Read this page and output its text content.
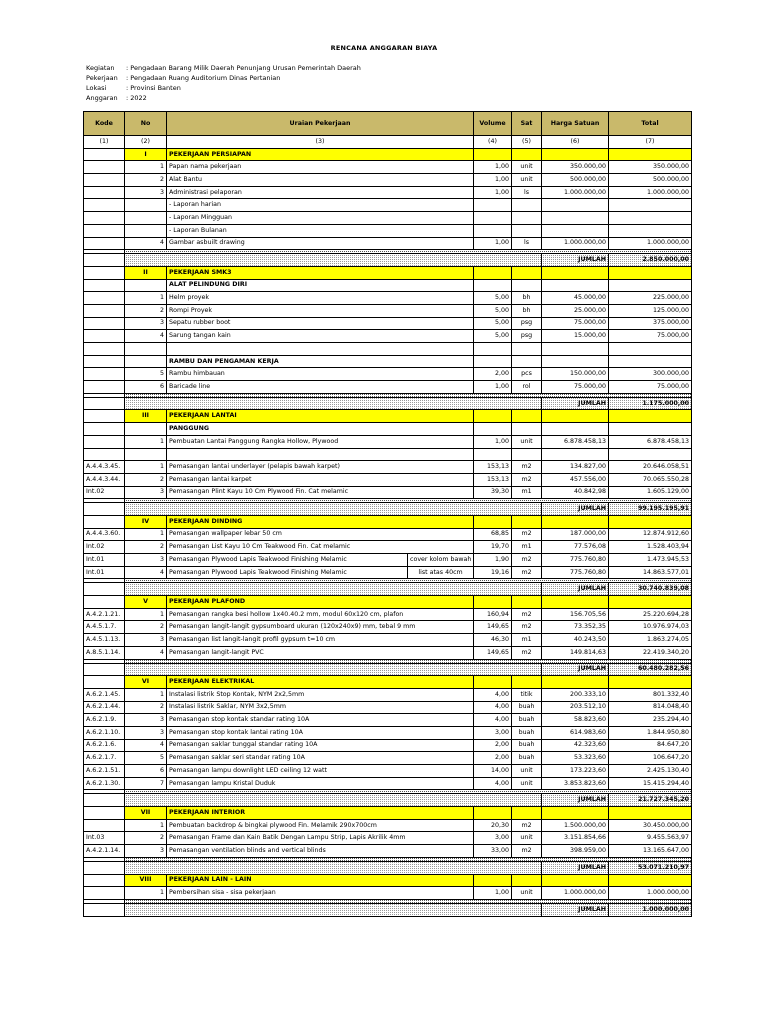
RENCANA ANGGARAN BIAYA
Kegiatan	: Pengadaan Barang Milik Daerah Penunjang Urusan Pemerintah Daerah
Pekerjaan	: Pengadaan Ruang Auditorium Dinas Pertanian
Lokasi	: Provinsi Banten
Anggaran	: 2022
Kode	No	Uraian Pekerjaan		Volume	Sat	Harga Satuan	Total
(1)	(2)	(3)		(4)	(5)	(6)	(7)
	I	PEKERJAAN PERSIAPAN					
	1	Papan nama pekerjaan		1,00	unit	350.000,00	350.000,00
	2	Alat Bantu		1,00	unit	500.000,00	500.000,00
	3	Administrasi pelaporan		1,00	ls	1.000.000,00	1.000.000,00
		- Laporan harian					
		- Laporan Mingguan					
		- Laporan Bulanan					
	4	Gambar asbuilt drawing		1,00	ls	1.000.000,00	1.000.000,00

						JUMLAH	2.850.000,00
	II	PEKERJAAN SMK3					
		ALAT PELINDUNG DIRI					
	1	Helm proyek		5,00	bh	45.000,00	225.000,00
	2	Rompi Proyek		5,00	bh	25.000,00	125.000,00
	3	Sepatu rubber boot		5,00	psg	75.000,00	375.000,00
	4	Sarung tangan kain		5,00	psg	15.000,00	75.000,00

		RAMBU DAN PENGAMAN KERJA					
	5	Rambu himbauan		2,00	pcs	150.000,00	300.000,00
	6	Baricade line		1,00	rol	75.000,00	75.000,00

						JUMLAH	1.175.000,00
	III	PEKERJAAN LANTAI					
		PANGGUNG					
	1	Pembuatan Lantai Panggung Rangka Hollow, Plywood		1,00	unit	6.878.458,13	6.878.458,13

A.4.4.3.45.	1	Pemasangan lantai underlayer (pelapis bawah karpet)		153,13	m2	134.827,00	20.646.058,51
A.4.4.3.44.	2	Pemasangan lantai karpet		153,13	m2	457.556,00	70.065.550,28
Int.02	3	Pemasangan Plint Kayu 10 Cm Plywood Fin. Cat melamic		39,30	m1	40.842,98	1.605.129,00

						JUMLAH	99.195.195,91
	IV	PEKERJAAN DINDING					
A.4.4.3.60.	1	Pemasangan wallpaper lebar 50 cm		68,85	m2	187.000,00	12.874.912,60
Int.02	2	Pemasangan List Kayu 10 Cm Teakwood Fin. Cat melamic		19,70	m1	77.576,08	1.528.403,94
Int.01	3	Pemasangan Plywood Lapis Teakwood Finishing Melamic	cover kolom bawah	1,90	m2	775.760,80	1.473.945,53
Int.01	4	Pemasangan Plywood Lapis Teakwood Finishing Melamic	list atas 40cm	19,16	m2	775.760,80	14.863.577,01

						JUMLAH	30.740.839,08
	V	PEKERJAAN PLAFOND					
A.4.2.1.21.	1	Pemasangan rangka besi hollow 1x40.40.2 mm, modul 60x120 cm, plafon		160,94	m2	156.705,56	25.220.694,28
A.4.5.1.7.	2	Pemasangan langit-langit gypsumboard ukuran (120x240x9) mm, tebal 9 mm		149,65	m2	73.352,35	10.976.974,03
A.4.5.1.13.	3	Pemasangan list langit-langit profil gypsum t=10 cm		46,30	m1	40.243,50	1.863.274,05
A.8.5.1.14.	4	Pemasangan langit-langit PVC		149,65	m2	149.814,63	22.419.340,20

						JUMLAH	60.480.282,56
	VI	PEKERJAAN ELEKTRIKAL					
A.6.2.1.45.	1	Instalasi listrik Stop Kontak, NYM 2x2,5mm		4,00	titik	200.333,10	801.332,40
A.6.2.1.44.	2	Instalasi listrik Saklar, NYM 3x2,5mm		4,00	buah	203.512,10	814.048,40
A.6.2.1.9.	3	Pemasangan stop kontak standar rating 10A		4,00	buah	58.823,60	235.294,40
A.6.2.1.10.	3	Pemasangan stop kontak lantai rating 10A		3,00	buah	614.983,60	1.844.950,80
A.6.2.1.6.	4	Pemasangan saklar tunggal standar rating 10A		2,00	buah	42.323,60	84.647,20
A.6.2.1.7.	5	Pemasangan saklar seri standar rating 10A		2,00	buah	53.323,60	106.647,20
A.6.2.1.51.	6	Pemasangan lampu downlight LED ceiling 12 watt		14,00	unit	173.223,60	2.425.130,40
A.6.2.1.30.	7	Pemasangan lampu Kristal Duduk		4,00	unit	3.853.823,60	15.415.294,40

						JUMLAH	21.727.345,20
	VII	PEKERJAAN INTERIOR					
	1	Pembuatan backdrop & bingkai plywood Fin. Melamik 290x700cm		20,30	m2	1.500.000,00	30.450.000,00
Int.03	2	Pemasangan Frame dan Kain Batik Dengan Lampu Strip, Lapis Akrilik 4mm		3,00	unit	3.151.854,66	9.455.563,97
A.4.2.1.14.	3	Pemasangan ventilation blinds and vertical blinds		33,00	m2	398.959,00	13.165.647,00

						JUMLAH	53.071.210,97
	VIII	PEKERJAAN LAIN - LAIN					
	1	Pembersihan sisa - sisa pekerjaan		1,00	unit	1.000.000,00	1.000.000,00

						JUMLAH	1.000.000,00
